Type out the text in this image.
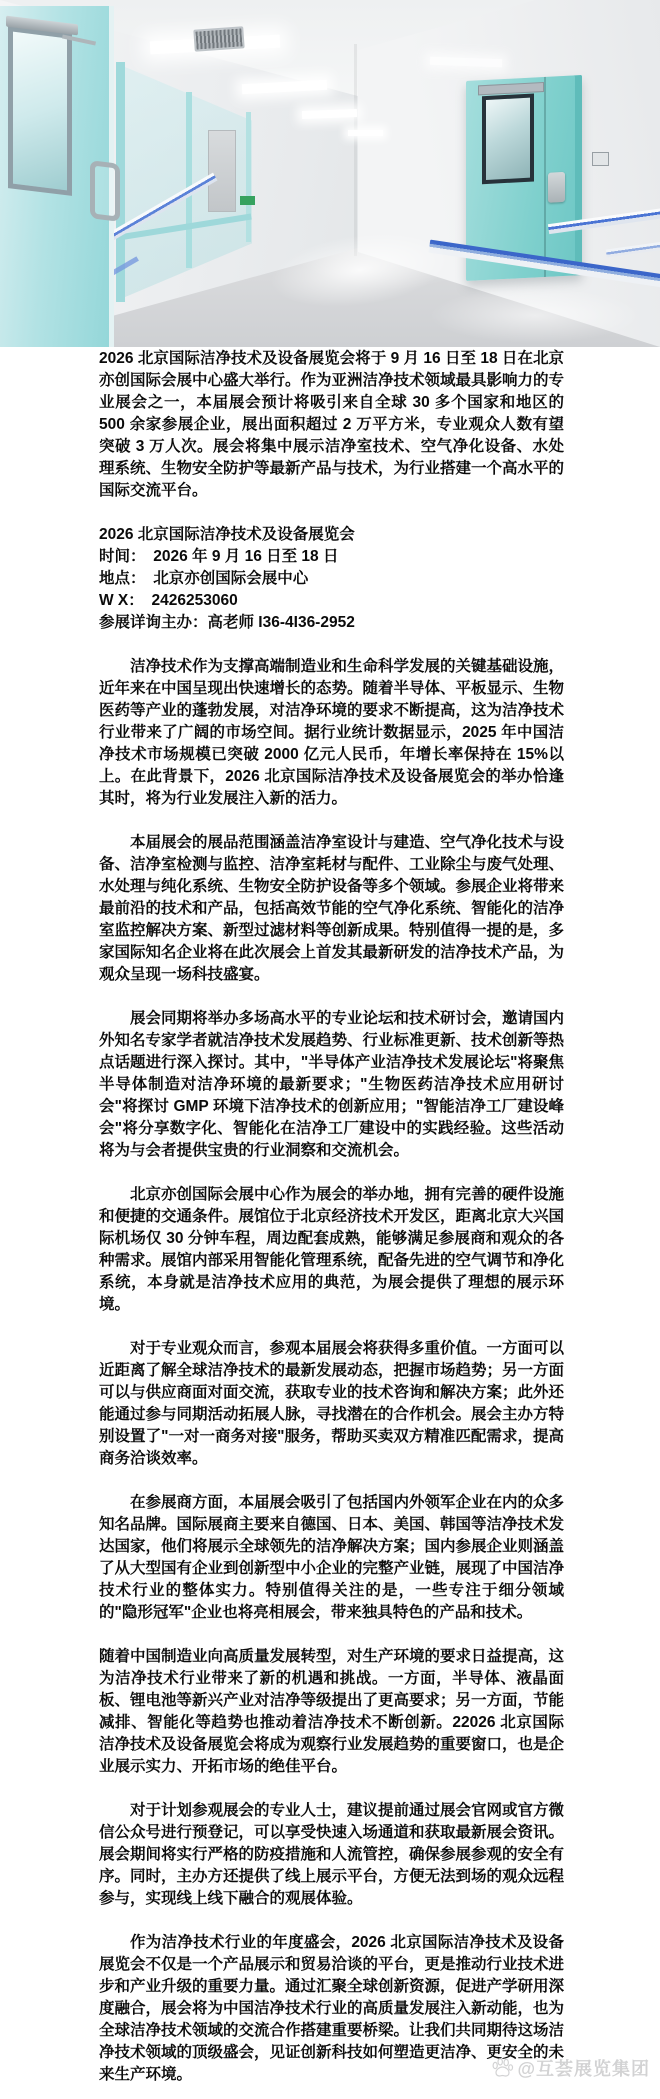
2026 北京国际洁净技术及设备展览会将于 9 月 16 日至 18 日在北京亦创国际会展中心盛大举行。作为亚洲洁净技术领域最具影响力的专业展会之一，本届展会预计将吸引来自全球 30 多个国家和地区的 500 余家参展企业，展出面积超过 2 万平方米，专业观众人数有望突破 3 万人次。展会将集中展示洁净室技术、空气净化设备、水处理系统、生物安全防护等最新产品与技术，为行业搭建一个高水平的国际交流平台。

2026 北京国际洁净技术及设备展览会
时间：　2026 年 9 月 16 日至 18 日
地点：　北京亦创国际会展中心
W X：　2426253060
参展详询主办：高老师 I36-4I36-2952

洁净技术作为支撑高端制造业和生命科学发展的关键基础设施，近年来在中国呈现出快速增长的态势。随着半导体、平板显示、生物医药等产业的蓬勃发展，对洁净环境的要求不断提高，这为洁净技术行业带来了广阔的市场空间。据行业统计数据显示，2025 年中国洁净技术市场规模已突破 2000 亿元人民币，年增长率保持在 15%以上。在此背景下，2026 北京国际洁净技术及设备展览会的举办恰逢其时，将为行业发展注入新的活力。

本届展会的展品范围涵盖洁净室设计与建造、空气净化技术与设备、洁净室检测与监控、洁净室耗材与配件、工业除尘与废气处理、水处理与纯化系统、生物安全防护设备等多个领域。参展企业将带来最前沿的技术和产品，包括高效节能的空气净化系统、智能化的洁净室监控解决方案、新型过滤材料等创新成果。特别值得一提的是，多家国际知名企业将在此次展会上首发其最新研发的洁净技术产品，为观众呈现一场科技盛宴。

展会同期将举办多场高水平的专业论坛和技术研讨会，邀请国内外知名专家学者就洁净技术发展趋势、行业标准更新、技术创新等热点话题进行深入探讨。其中，"半导体产业洁净技术发展论坛"将聚焦半导体制造对洁净环境的最新要求；"生物医药洁净技术应用研讨会"将探讨 GMP 环境下洁净技术的创新应用；"智能洁净工厂建设峰会"将分享数字化、智能化在洁净工厂建设中的实践经验。这些活动将为与会者提供宝贵的行业洞察和交流机会。

北京亦创国际会展中心作为展会的举办地，拥有完善的硬件设施和便捷的交通条件。展馆位于北京经济技术开发区，距离北京大兴国际机场仅 30 分钟车程，周边配套成熟，能够满足参展商和观众的各种需求。展馆内部采用智能化管理系统，配备先进的空气调节和净化系统，本身就是洁净技术应用的典范，为展会提供了理想的展示环境。

对于专业观众而言，参观本届展会将获得多重价值。一方面可以近距离了解全球洁净技术的最新发展动态，把握市场趋势；另一方面可以与供应商面对面交流，获取专业的技术咨询和解决方案；此外还能通过参与同期活动拓展人脉，寻找潜在的合作机会。展会主办方特别设置了"一对一商务对接"服务，帮助买卖双方精准匹配需求，提高商务洽谈效率。

在参展商方面，本届展会吸引了包括国内外领军企业在内的众多知名品牌。国际展商主要来自德国、日本、美国、韩国等洁净技术发达国家，他们将展示全球领先的洁净解决方案；国内参展企业则涵盖了从大型国有企业到创新型中小企业的完整产业链，展现了中国洁净技术行业的整体实力。特别值得关注的是，一些专注于细分领域的"隐形冠军"企业也将亮相展会，带来独具特色的产品和技术。

随着中国制造业向高质量发展转型，对生产环境的要求日益提高，这为洁净技术行业带来了新的机遇和挑战。一方面，半导体、液晶面板、锂电池等新兴产业对洁净等级提出了更高要求；另一方面，节能减排、智能化等趋势也推动着洁净技术不断创新。22026 北京国际洁净技术及设备展览会将成为观察行业发展趋势的重要窗口，也是企业展示实力、开拓市场的绝佳平台。

对于计划参观展会的专业人士，建议提前通过展会官网或官方微信公众号进行预登记，可以享受快速入场通道和获取最新展会资讯。展会期间将实行严格的防疫措施和人流管控，确保参展参观的安全有序。同时，主办方还提供了线上展示平台，方便无法到场的观众远程参与，实现线上线下融合的观展体验。

作为洁净技术行业的年度盛会，2026 北京国际洁净技术及设备展览会不仅是一个产品展示和贸易洽谈的平台，更是推动行业技术进步和产业升级的重要力量。通过汇聚全球创新资源，促进产学研用深度融合，展会将为中国洁净技术行业的高质量发展注入新动能，也为全球洁净技术领域的交流合作搭建重要桥梁。让我们共同期待这场洁净技术领域的顶级盛会，见证创新科技如何塑造更洁净、更安全的未来生产环境。	@互荟展览集团
